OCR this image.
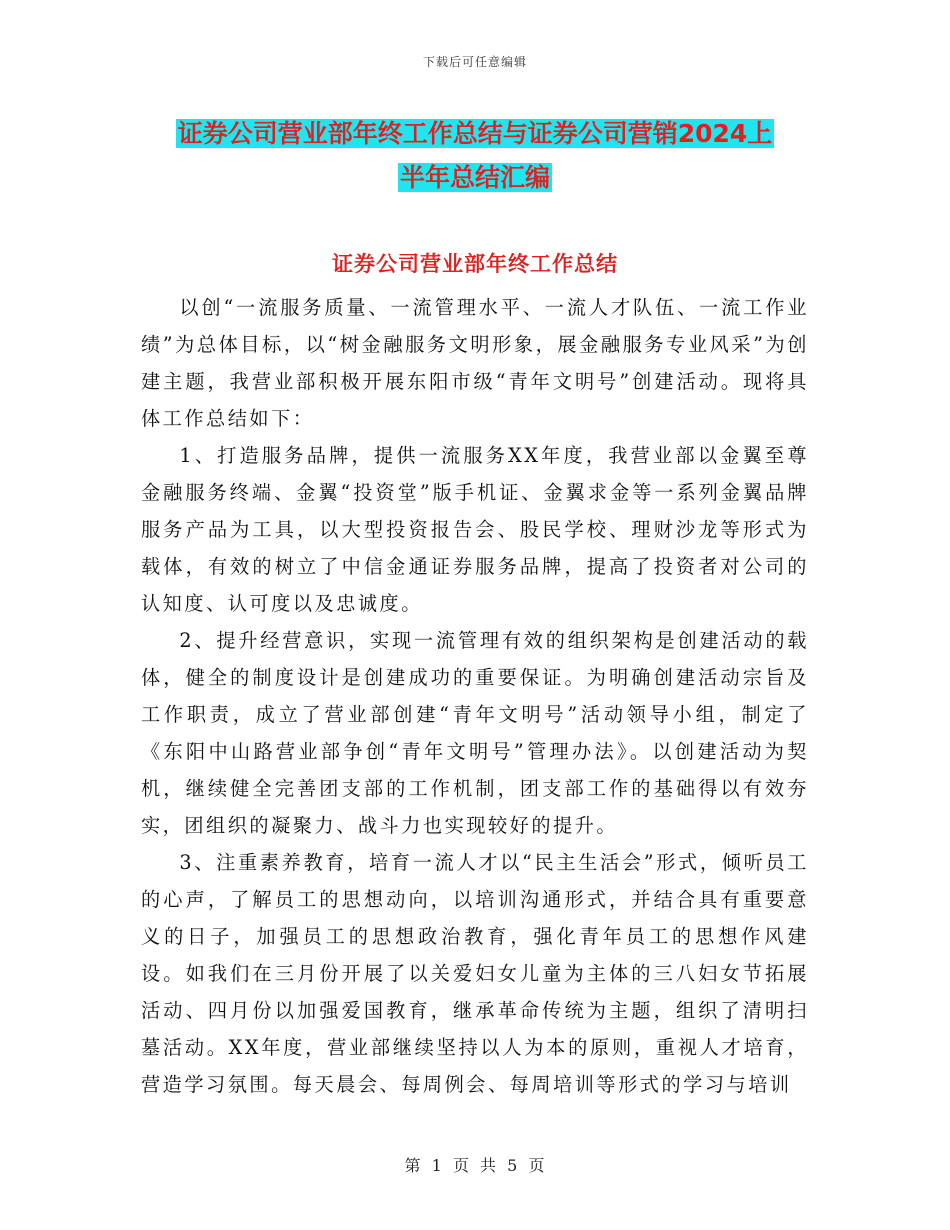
下载后可任意编辑
证券公司营业部年终工作总结与证券公司营销2024上
半年总结汇编
证券公司营业部年终工作总结

以创“一流服务质量、一流管理水平、一流人才队伍、一流工作业绩”为总体目标，以“树金融服务文明形象，展金融服务专业风采”为创建主题，我营业部积极开展东阳市级“青年文明号”创建活动。现将具体工作总结如下：

1、打造服务品牌，提供一流服务XX年度，我营业部以金翼至尊金融服务终端、金翼“投资堂”版手机证、金翼求金等一系列金翼品牌服务产品为工具，以大型投资报告会、股民学校、理财沙龙等形式为载体，有效的树立了中信金通证券服务品牌，提高了投资者对公司的认知度、认可度以及忠诚度。

2、提升经营意识，实现一流管理有效的组织架构是创建活动的载体，健全的制度设计是创建成功的重要保证。为明确创建活动宗旨及工作职责，成立了营业部创建“青年文明号”活动领导小组，制定了《东阳中山路营业部争创“青年文明号”管理办法》。以创建活动为契机，继续健全完善团支部的工作机制，团支部工作的基础得以有效夯实，团组织的凝聚力、战斗力也实现较好的提升。

3、注重素养教育，培育一流人才以“民主生活会”形式，倾听员工的心声，了解员工的思想动向，以培训沟通形式，并结合具有重要意义的日子，加强员工的思想政治教育，强化青年员工的思想作风建设。如我们在三月份开展了以关爱妇女儿童为主体的三八妇女节拓展活动、四月份以加强爱国教育，继承革命传统为主题，组织了清明扫墓活动。XX年度，营业部继续坚持以人为本的原则，重视人才培育，营造学习氛围。每天晨会、每周例会、每周培训等形式的学习与培训

第 1 页 共 5 页
